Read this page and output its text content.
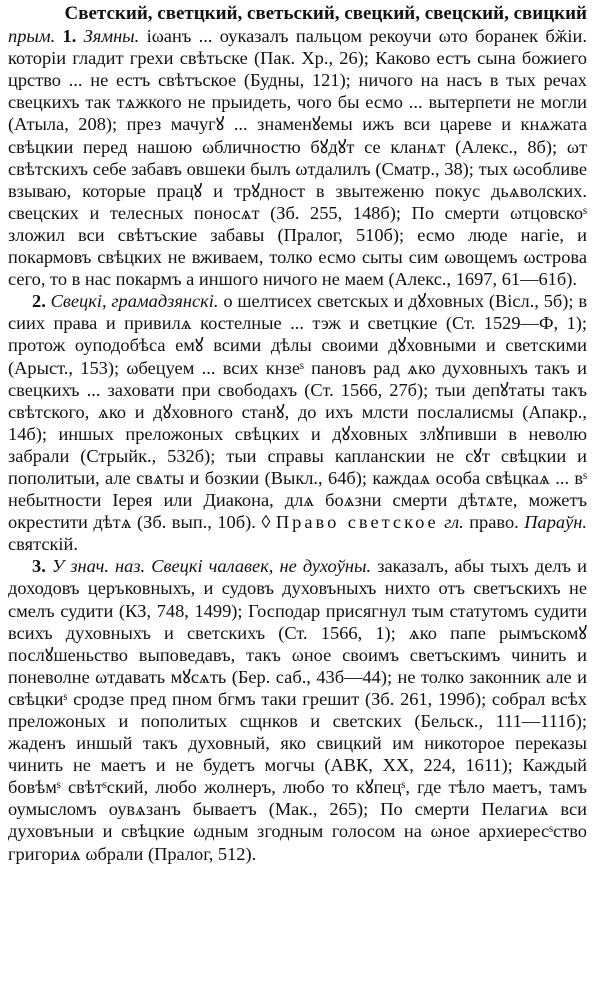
Светский, светцкий, светьский, свецкий, свецский, свицкий
прым. 1. Зямны. iωанъ ... оуказалъ пальцом рекоучи ωто боранек бӂiи. которiи гладит грехи свѣтьске (Пак. Хр., 26); Каково естъ сына божиего црство ... не естъ свѣтъское (Будны, 121); ничого на насъ в тых речах свецкихъ так тѧжкого не прыидеть, чого бы есмо ... вытерпети не могли (Атыла, 208); през мачугꙋ ... знаменꙋемы ижъ вси цареве и кнѧжата свѣцкии перед нашою ωбличностю бꙋдꙋт се кланѧт (Алекс., 8б); ωт свѣтскихъ себе забавъ овшеки былъ ωтдалилъ (Сматр., 38); тых ωсобливе взываю, которые працꙋ и трꙋдност в звытеженю покус дьѧволских. свецских и телесных поносѧт (Зб. 255, 148б); По смерти ωтцовскоˢ зложил вси свѣтъские забавы (Пралог, 510б); есмо люде нагiе, и покармовъ свѣцких не вживаем, толко есмо сыты сим ωвощемъ ωстрова сего, то в нас покармъ а иншого ничого не маем (Алекс., 1697, 61—61б).

2. Свецкі, грамадзянскі. о шелтисех светскых и дꙋховных (Вісл., 5б); в сиих права и привилѧ костелные ... тэж и светцкие (Ст. 1529—Ф, 1); протож оуподобѣса емꙋ всими дѣлы своими дꙋховными и светскими (Арыст., 153); ωбецуем ... всих кнзеˢ пановъ рад ѧко духовныхъ такъ и свецкихъ ... заховати при свободахъ (Ст. 1566, 27б); тыи депꙋтаты такъ свѣтского, ѧко и дꙋховного станꙋ, до ихъ млсти послалисмы (Апакр., 14б); иншых преложоных свѣцких и дꙋховных злꙋпивши в неволю забрали (Стрыйк., 532б); тыи справы капланскии не сꙋт свѣцкии и пополитыи, але свѧты и бозкии (Выкл., 64б); каждаѧ особа свѣцкаѧ ... вˢ небытности Iерея или Диакона, длѧ боѧзни смерти дѣтѧте, можетъ окрестити дѣтѧ (Зб. вып., 10б). ◊ Право светское гл. право. Параўн. святскій.

3. У знач. наз. Свецкі чалавек, не духоўны. заказалъ, абы тыхъ делъ и доходовъ церъковныхъ, и судовъ духовъныхъ нихто отъ светъскихъ не смелъ судити (КЗ, 748, 1499); Господар присягнул тым статутомъ судити всихъ духовныхъ и светскихъ (Ст. 1566, 1); ѧко папе рымъскомꙋ послꙋшеньство выповедавъ, такъ ωное своимъ светъскимъ чинить и поневолне ωтдавать мꙋсѧть (Бер. саб., 43б—44); не толко законник але и свѣцкиˢ сродзе пред пном бгмъ таки грешит (Зб. 261, 199б); собрал всѣх преложоных и пополитых сщнков и светских (Бельск., 111—111б); жаденъ иншый такъ духовный, яко свицкий им никоторое переказы чинить не маетъ и не будетъ могчы (АВК, XX, 224, 1611); Каждый бовѣмˢ свѣтˢский, любо жолнеръ, любо то кꙋпецˢ, где тѣло маетъ, тамъ оумысломъ оувѧзанъ бываетъ (Мак., 265); По смерти Пелагиѧ вси духовъныи и свѣцкие ωдным згодным голосом на ωное архиересˢство григориѧ ωбрали (Пралог, 512).
